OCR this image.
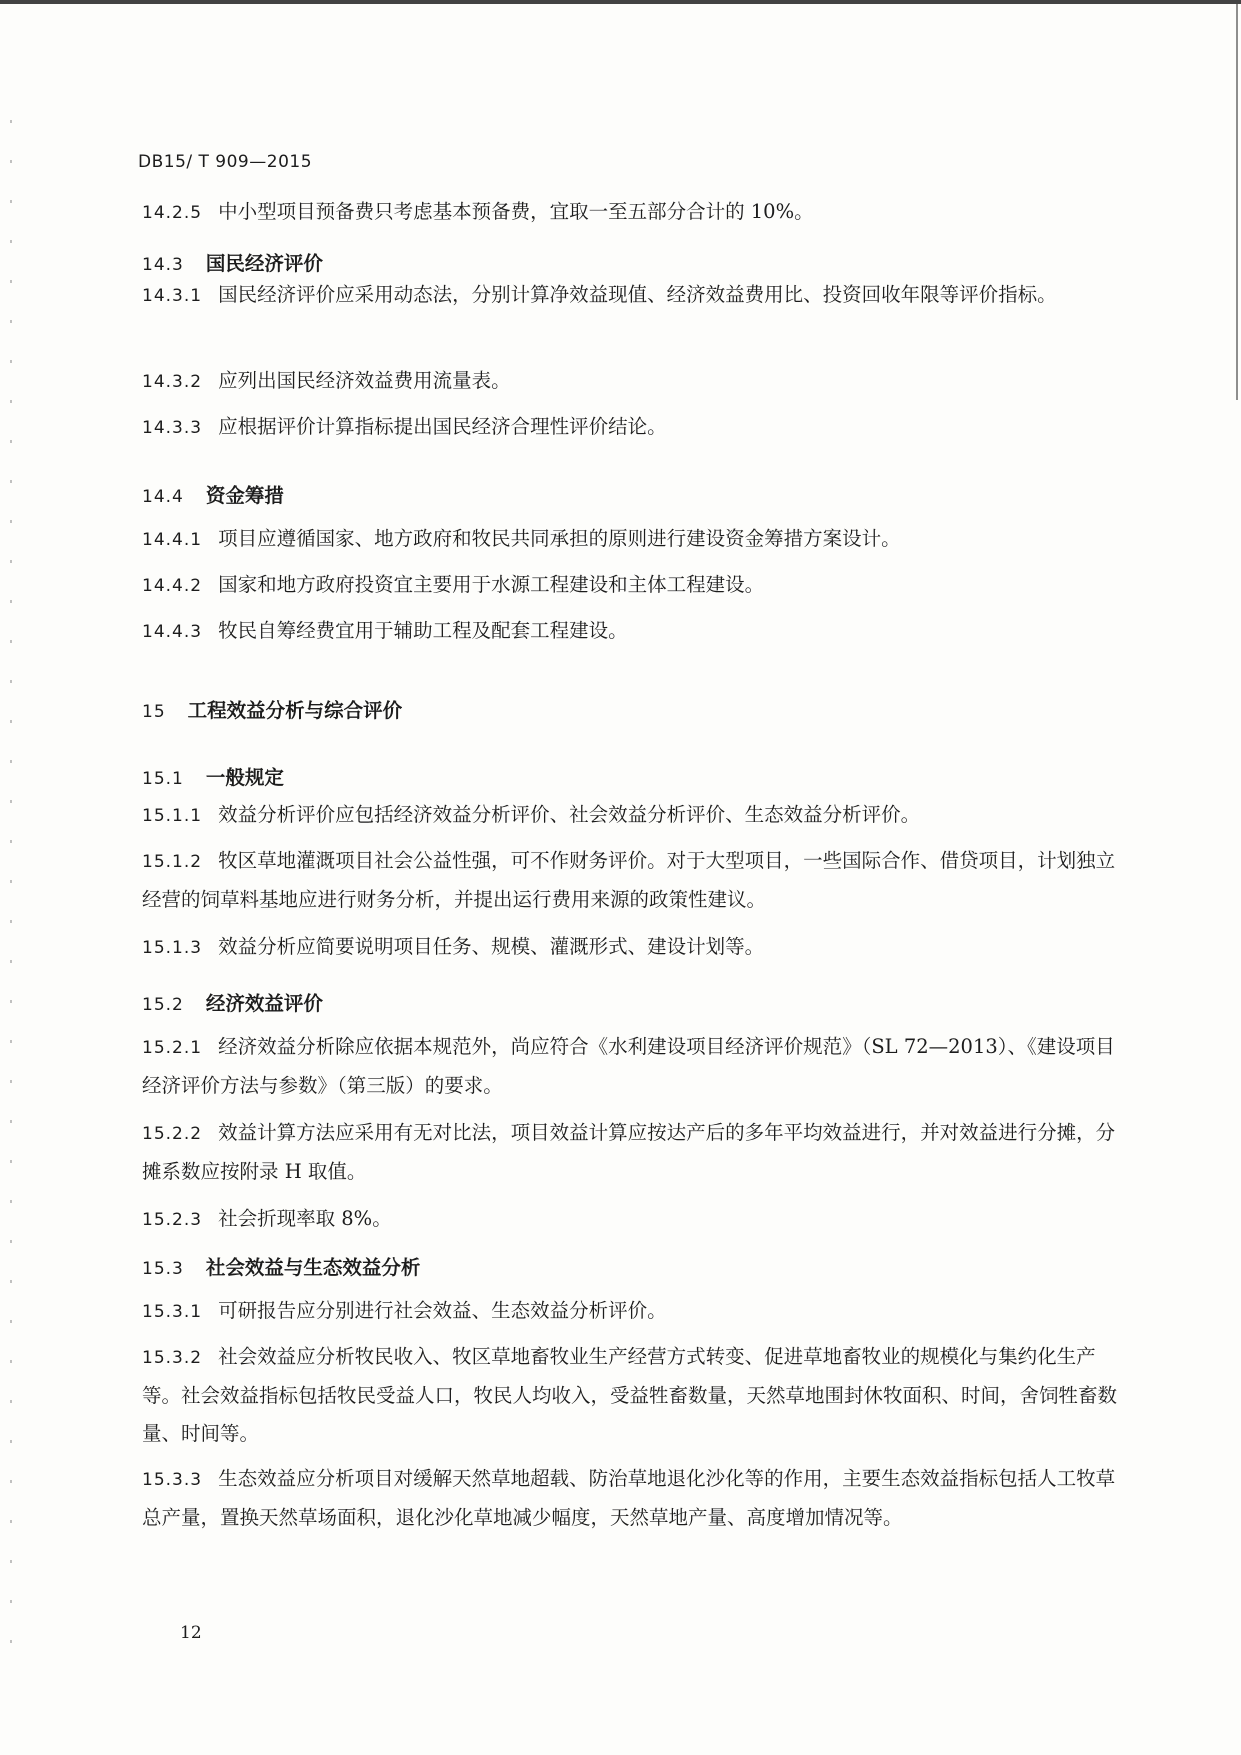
DB15/ T 909—2015

14.2.5 中小型项目预备费只考虑基本预备费，宜取一至五部分合计的 10%。

14.3 国民经济评价

14.3.1 国民经济评价应采用动态法，分别计算净效益现值、经济效益费用比、投资回收年限等评价指标。

14.3.2 应列出国民经济效益费用流量表。

14.3.3 应根据评价计算指标提出国民经济合理性评价结论。

14.4 资金筹措

14.4.1 项目应遵循国家、地方政府和牧民共同承担的原则进行建设资金筹措方案设计。

14.4.2 国家和地方政府投资宜主要用于水源工程建设和主体工程建设。

14.4.3 牧民自筹经费宜用于辅助工程及配套工程建设。

15 工程效益分析与综合评价
15.1 一般规定

15.1.1 效益分析评价应包括经济效益分析评价、社会效益分析评价、生态效益分析评价。

15.1.2 牧区草地灌溉项目社会公益性强，可不作财务评价。对于大型项目，一些国际合作、借贷项目，计划独立经营的饲草料基地应进行财务分析，并提出运行费用来源的政策性建议。

15.1.3 效益分析应简要说明项目任务、规模、灌溉形式、建设计划等。

15.2 经济效益评价

15.2.1 经济效益分析除应依据本规范外，尚应符合《水利建设项目经济评价规范》（SL 72—2013）、《建设项目经济评价方法与参数》（第三版）的要求。

15.2.2 效益计算方法应采用有无对比法，项目效益计算应按达产后的多年平均效益进行，并对效益进行分摊，分摊系数应按附录 H 取值。

15.2.3 社会折现率取 8%。

15.3 社会效益与生态效益分析

15.3.1 可研报告应分别进行社会效益、生态效益分析评价。

15.3.2 社会效益应分析牧民收入、牧区草地畜牧业生产经营方式转变、促进草地畜牧业的规模化与集约化生产等。社会效益指标包括牧民受益人口，牧民人均收入，受益牲畜数量，天然草地围封休牧面积、时间，舍饲牲畜数量、时间等。

15.3.3 生态效益应分析项目对缓解天然草地超载、防治草地退化沙化等的作用，主要生态效益指标包括人工牧草总产量，置换天然草场面积，退化沙化草地减少幅度，天然草地产量、高度增加情况等。

12
